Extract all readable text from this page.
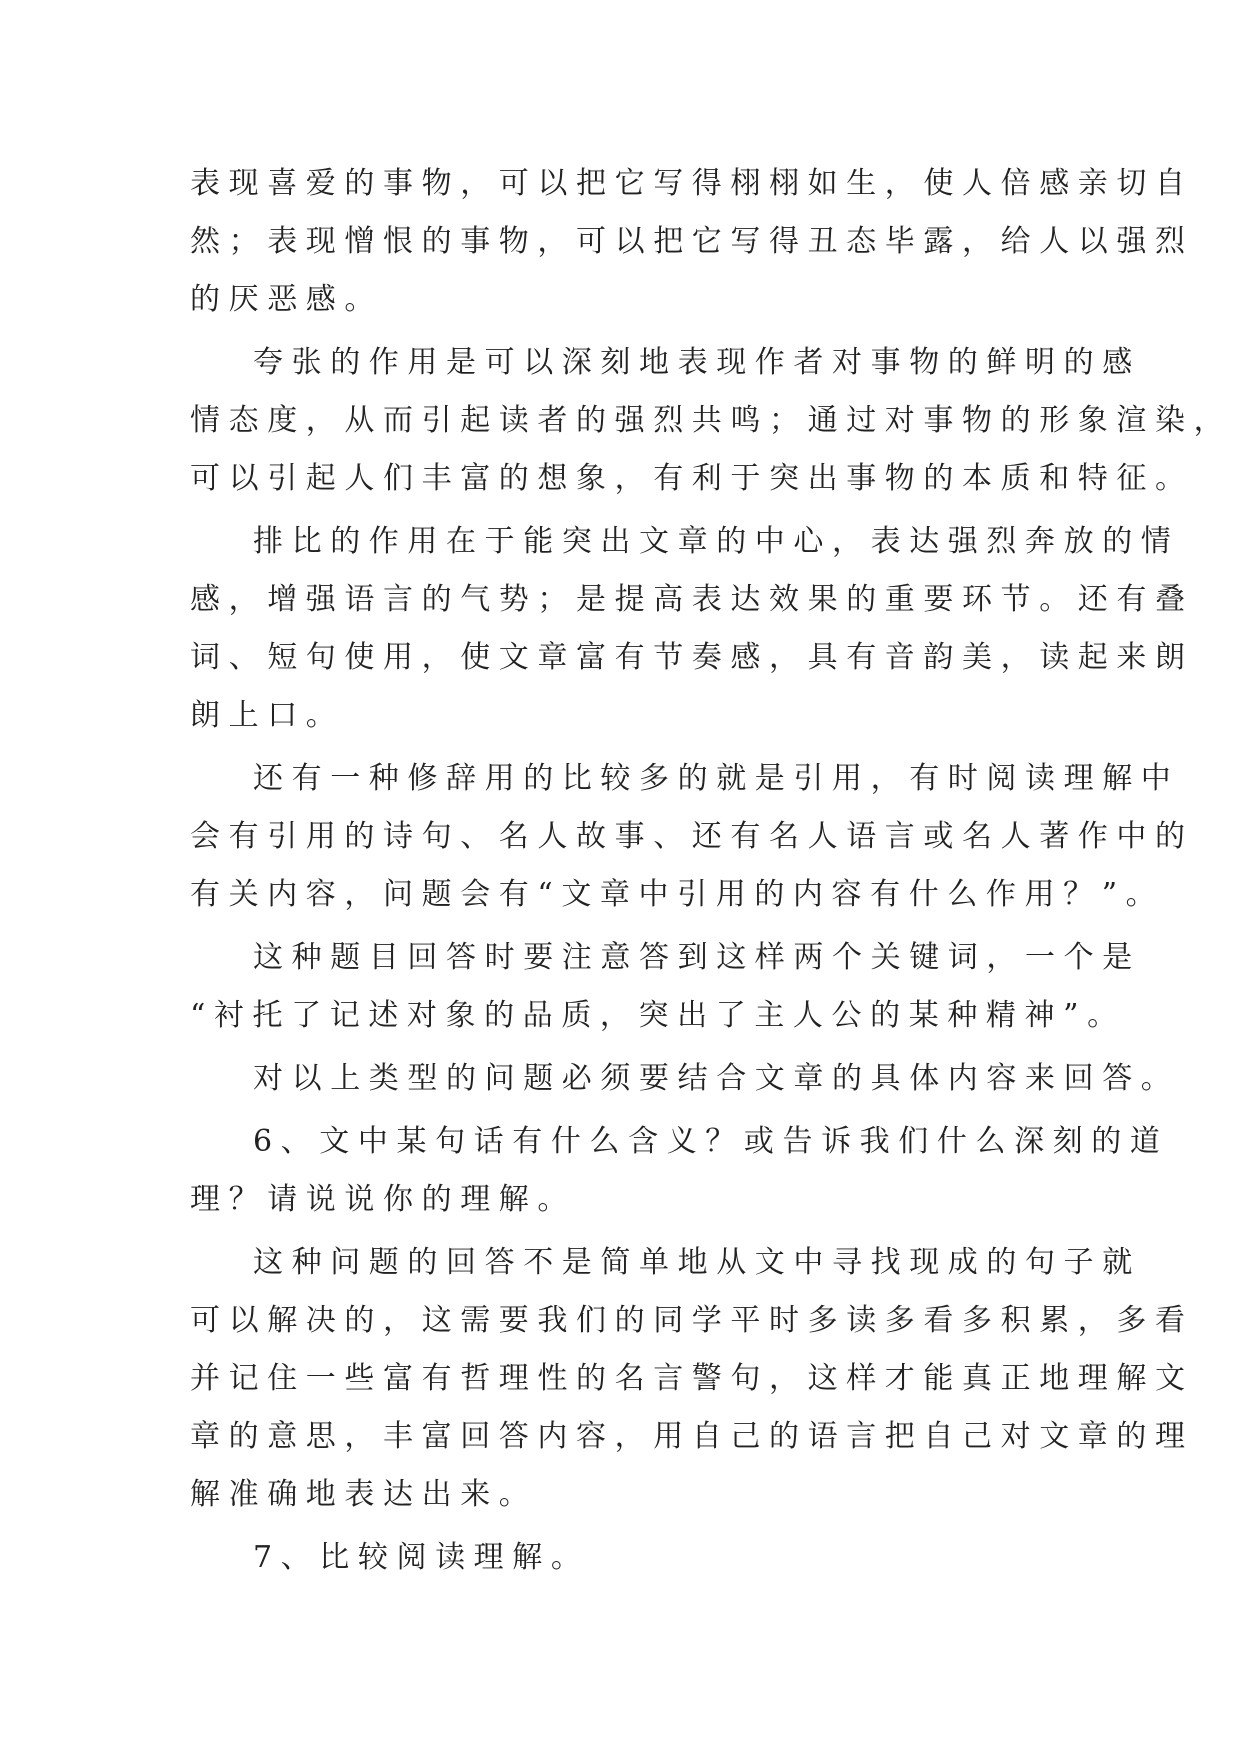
表现喜爱的事物，可以把它写得栩栩如生，使人倍感亲切自
然；表现憎恨的事物，可以把它写得丑态毕露，给人以强烈
的厌恶感。
夸张的作用是可以深刻地表现作者对事物的鲜明的感
情态度，从而引起读者的强烈共鸣；通过对事物的形象渲染，
可以引起人们丰富的想象，有利于突出事物的本质和特征。
排比的作用在于能突出文章的中心，表达强烈奔放的情
感，增强语言的气势；是提高表达效果的重要环节。还有叠
词、短句使用，使文章富有节奏感，具有音韵美，读起来朗
朗上口。
还有一种修辞用的比较多的就是引用，有时阅读理解中
会有引用的诗句、名人故事、还有名人语言或名人著作中的
有关内容，问题会有“文章中引用的内容有什么作用？”。
这种题目回答时要注意答到这样两个关键词，一个是
“衬托了记述对象的品质，突出了主人公的某种精神”。
对以上类型的问题必须要结合文章的具体内容来回答。
6、文中某句话有什么含义？或告诉我们什么深刻的道
理？请说说你的理解。
这种问题的回答不是简单地从文中寻找现成的句子就
可以解决的，这需要我们的同学平时多读多看多积累，多看
并记住一些富有哲理性的名言警句，这样才能真正地理解文
章的意思，丰富回答内容，用自己的语言把自己对文章的理
解准确地表达出来。
7、比较阅读理解。
